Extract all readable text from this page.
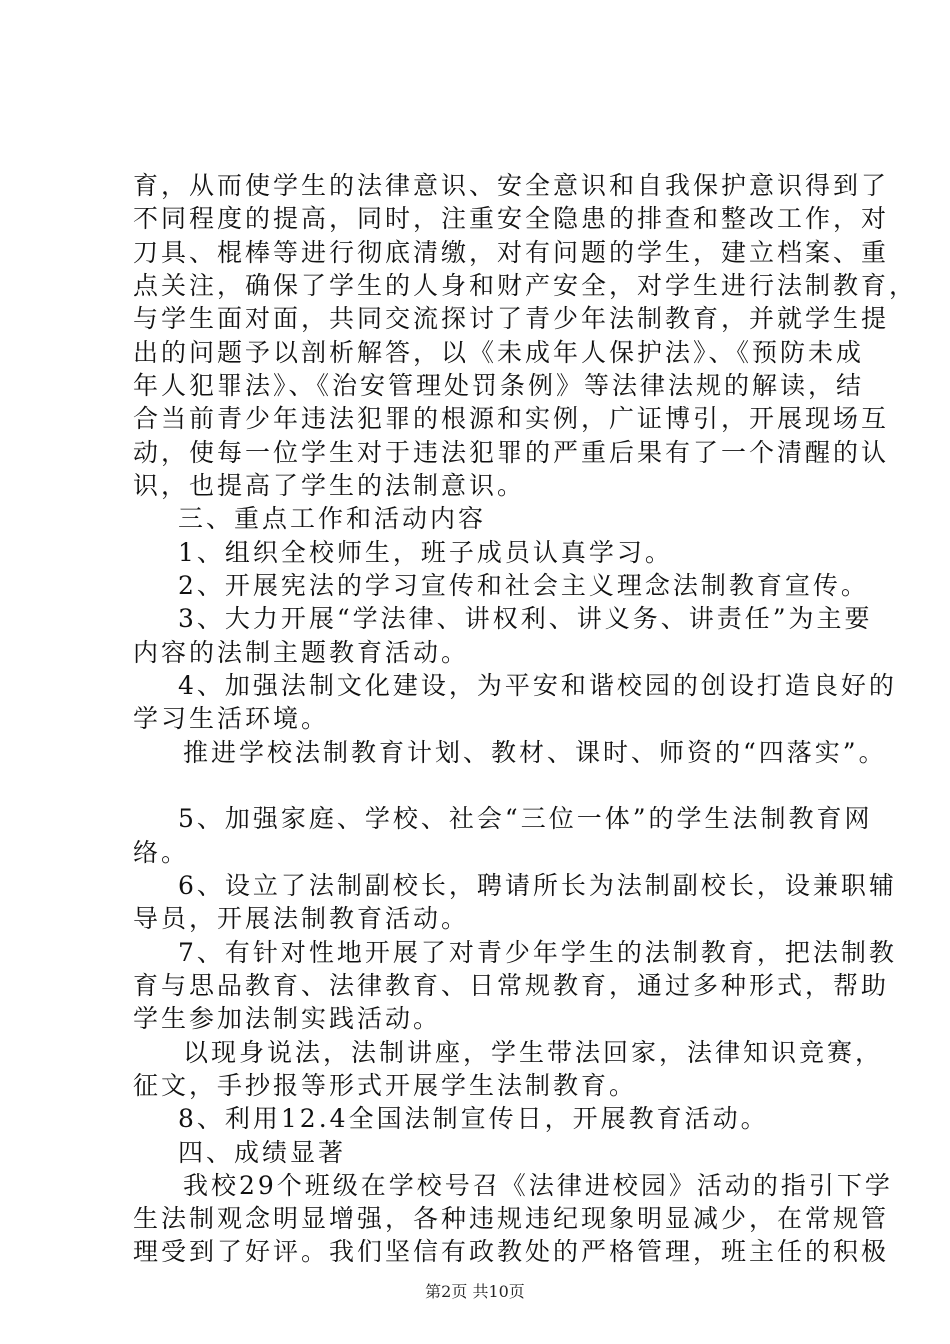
育，从而使学生的法律意识、安全意识和自我保护意识得到了
不同程度的提高，同时，注重安全隐患的排查和整改工作，对
刀具、棍棒等进行彻底清缴，对有问题的学生，建立档案、重
点关注，确保了学生的人身和财产安全，对学生进行法制教育，
与学生面对面，共同交流探讨了青少年法制教育，并就学生提
出的问题予以剖析解答，以《未成年人保护法》、《预防未成
年人犯罪法》、《治安管理处罚条例》等法律法规的解读，结
合当前青少年违法犯罪的根源和实例，广证博引，开展现场互
动，使每一位学生对于违法犯罪的严重后果有了一个清醒的认
识，也提高了学生的法制意识。
三、重点工作和活动内容
1、组织全校师生，班子成员认真学习。
2、开展宪法的学习宣传和社会主义理念法制教育宣传。
3、大力开展“学法律、讲权利、讲义务、讲责任”为主要
内容的法制主题教育活动。
4、加强法制文化建设，为平安和谐校园的创设打造良好的
学习生活环境。
推进学校法制教育计划、教材、课时、师资的“四落实”。
5、加强家庭、学校、社会“三位一体”的学生法制教育网
络。
6、设立了法制副校长，聘请所长为法制副校长，设兼职辅
导员，开展法制教育活动。
7、有针对性地开展了对青少年学生的法制教育，把法制教
育与思品教育、法律教育、日常规教育，通过多种形式，帮助
学生参加法制实践活动。
以现身说法，法制讲座，学生带法回家，法律知识竞赛，
征文，手抄报等形式开展学生法制教育。
8、利用12.4全国法制宣传日，开展教育活动。
四、成绩显著
我校29个班级在学校号召《法律进校园》活动的指引下学
生法制观念明显增强，各种违规违纪现象明显减少，在常规管
理受到了好评。我们坚信有政教处的严格管理，班主任的积极
第2页 共10页
